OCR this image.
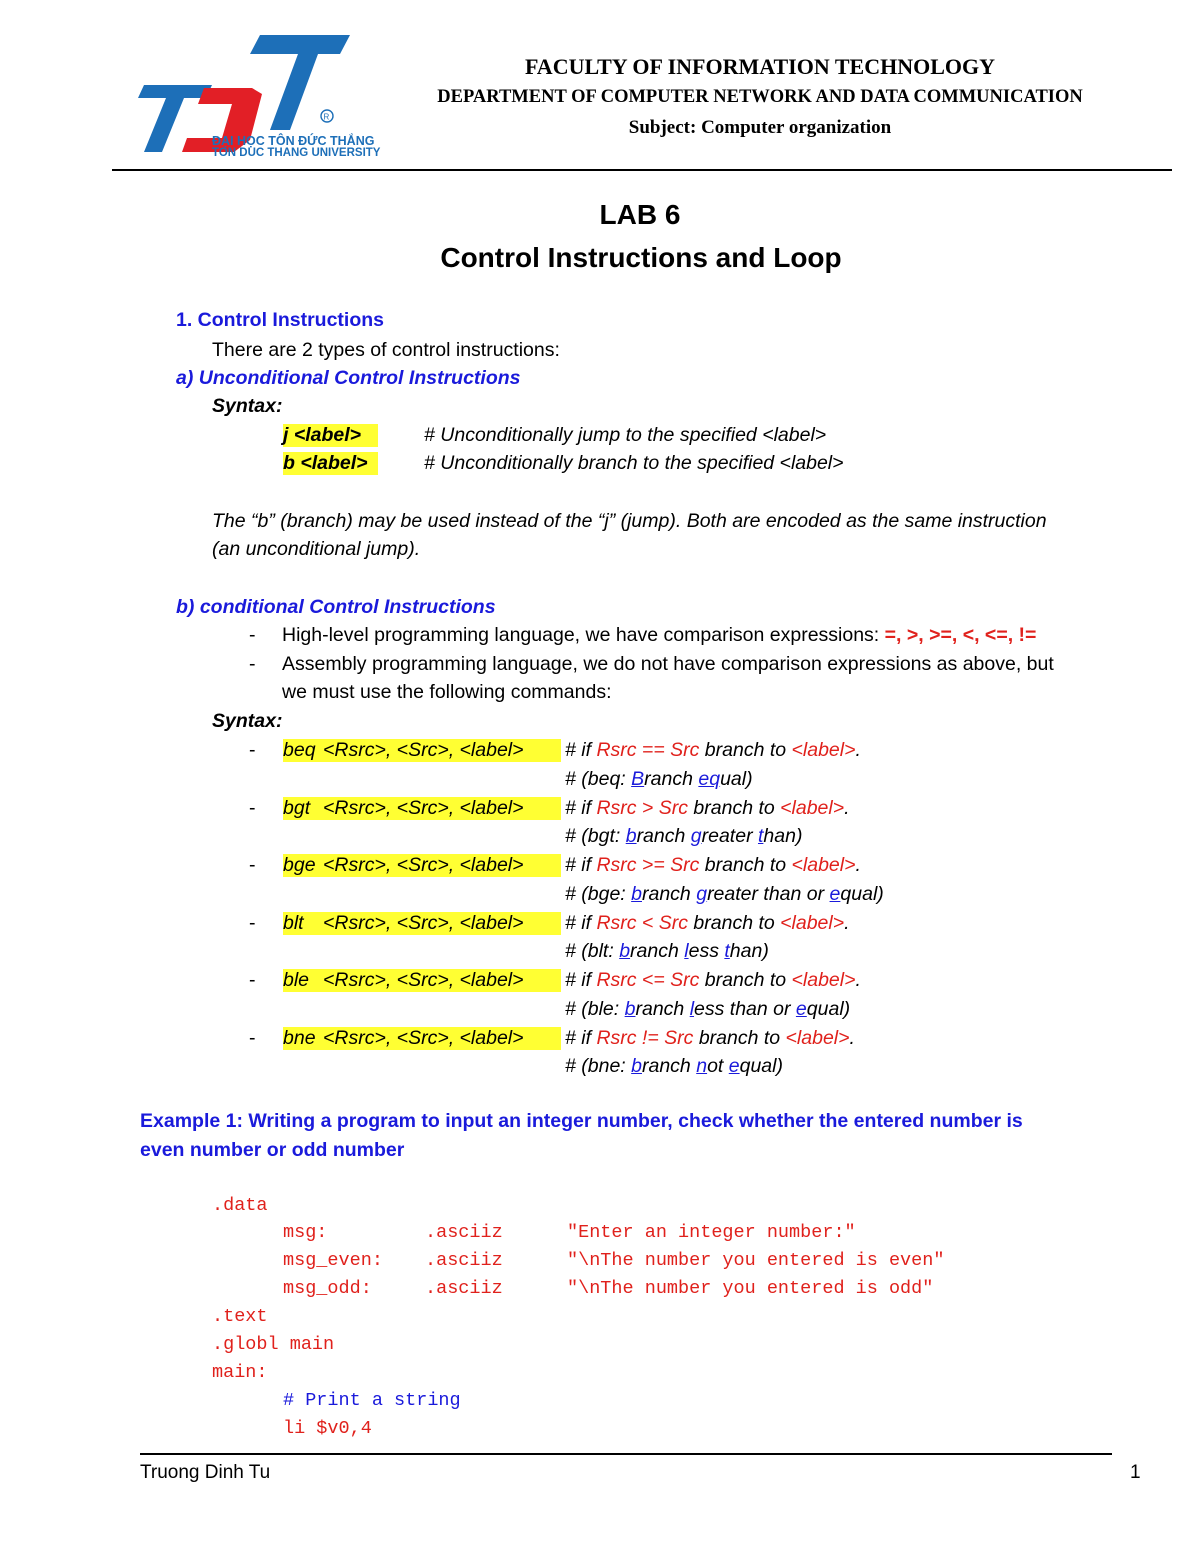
R
ĐẠI HỌC TÔN ĐỨC THẮNG
TON DUC THANG UNIVERSITY
FACULTY OF INFORMATION TECHNOLOGY
DEPARTMENT OF COMPUTER NETWORK AND DATA COMMUNICATION
Subject: Computer organization
LAB 6
Control Instructions and Loop
1. Control Instructions
There are 2 types of control instructions:
a) Unconditional Control Instructions
Syntax:
j <label>	# Unconditionally jump to the specified <label>
b <label>	# Unconditionally branch to the specified <label>
The “b” (branch) may be used instead of the “j” (jump). Both are encoded as the same instruction
(an unconditional jump).
b) conditional Control Instructions
- High-level programming language, we have comparison expressions: =, >, >=, <, <=, !=
- Assembly programming language, we do not have comparison expressions as above, but
we must use the following commands:
Syntax:
- beq <Rsrc>, <Src>, <label>	# if Rsrc == Src branch to <label>.
# (beq: Branch equal)
- bgt <Rsrc>, <Src>, <label>	# if Rsrc > Src branch to <label>.
# (bgt: branch greater than)
- bge <Rsrc>, <Src>, <label>	# if Rsrc >= Src branch to <label>.
# (bge: branch greater than or equal)
- blt <Rsrc>, <Src>, <label>	# if Rsrc < Src branch to <label>.
# (blt: branch less than)
- ble <Rsrc>, <Src>, <label>	# if Rsrc <= Src branch to <label>.
# (ble: branch less than or equal)
- bne <Rsrc>, <Src>, <label>	# if Rsrc != Src branch to <label>.
# (bne: branch not equal)
Example 1: Writing a program to input an integer number, check whether the entered number is
even number or odd number
.data
msg:	.asciiz	"Enter an integer number:"
msg_even: .asciiz	"\nThe number you entered is even"
msg_odd:	.asciiz	"\nThe number you entered is odd"
.text
.globl main
main:
# Print a string
li $v0,4
Truong Dinh Tu	1
